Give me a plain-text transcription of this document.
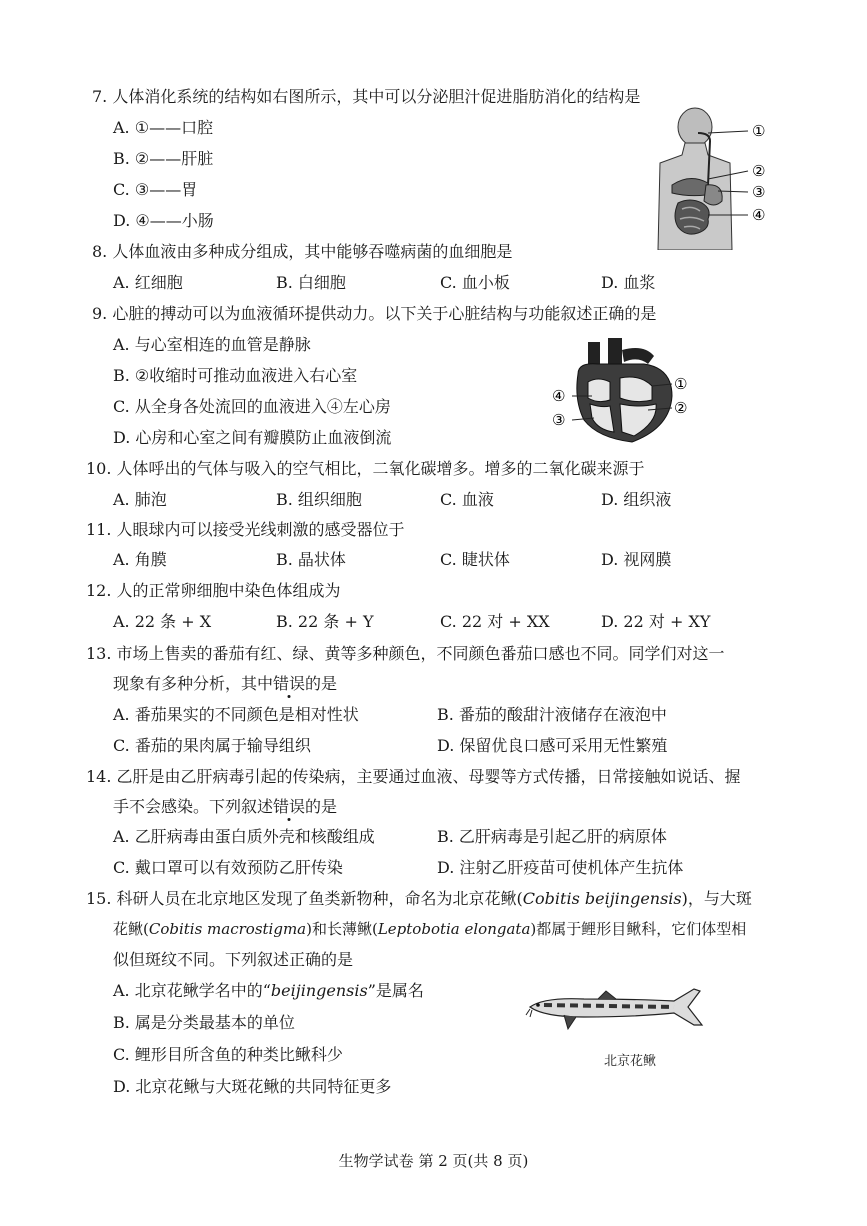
7. 人体消化系统的结构如右图所示，其中可以分泌胆汁促进脂肪消化的结构是
A. ①——口腔
B. ②——肝脏
C. ③——胃
D. ④——小肠
①
②
③
④
8. 人体血液由多种成分组成，其中能够吞噬病菌的血细胞是
A. 红细胞	B. 白细胞	C. 血小板	D. 血浆
9. 心脏的搏动可以为血液循环提供动力。以下关于心脏结构与功能叙述正确的是
A. 与心室相连的血管是静脉
B. ②收缩时可推动血液进入右心室
C. 从全身各处流回的血液进入④左心房
D. 心房和心室之间有瓣膜防止血液倒流
①
②
③
④
10. 人体呼出的气体与吸入的空气相比，二氧化碳增多。增多的二氧化碳来源于
A. 肺泡	B. 组织细胞	C. 血液	D. 组织液
11. 人眼球内可以接受光线刺激的感受器位于
A. 角膜	B. 晶状体	C. 睫状体	D. 视网膜
12. 人的正常卵细胞中染色体组成为
A. 22 条 + X	B. 22 条 + Y	C. 22 对 + XX	D. 22 对 + XY
13. 市场上售卖的番茄有红、绿、黄等多种颜色，不同颜色番茄口感也不同。同学们对这一
现象有多种分析，其中错误的是
A. 番茄果实的不同颜色是相对性状	B. 番茄的酸甜汁液储存在液泡中
C. 番茄的果肉属于输导组织	D. 保留优良口感可采用无性繁殖
14. 乙肝是由乙肝病毒引起的传染病，主要通过血液、母婴等方式传播，日常接触如说话、握
手不会感染。下列叙述错误的是
A. 乙肝病毒由蛋白质外壳和核酸组成	B. 乙肝病毒是引起乙肝的病原体
C. 戴口罩可以有效预防乙肝传染	D. 注射乙肝疫苗可使机体产生抗体
15. 科研人员在北京地区发现了鱼类新物种，命名为北京花鳅(Cobitis beijingensis)，与大斑
花鳅(Cobitis macrostigma)和长薄鳅(Leptobotia elongata)都属于鲤形目鳅科，它们体型相
似但斑纹不同。下列叙述正确的是
A. 北京花鳅学名中的“beijingensis”是属名
B. 属是分类最基本的单位
C. 鲤形目所含鱼的种类比鳅科少
D. 北京花鳅与大斑花鳅的共同特征更多
北京花鳅
生物学试卷 第 2 页(共 8 页)
